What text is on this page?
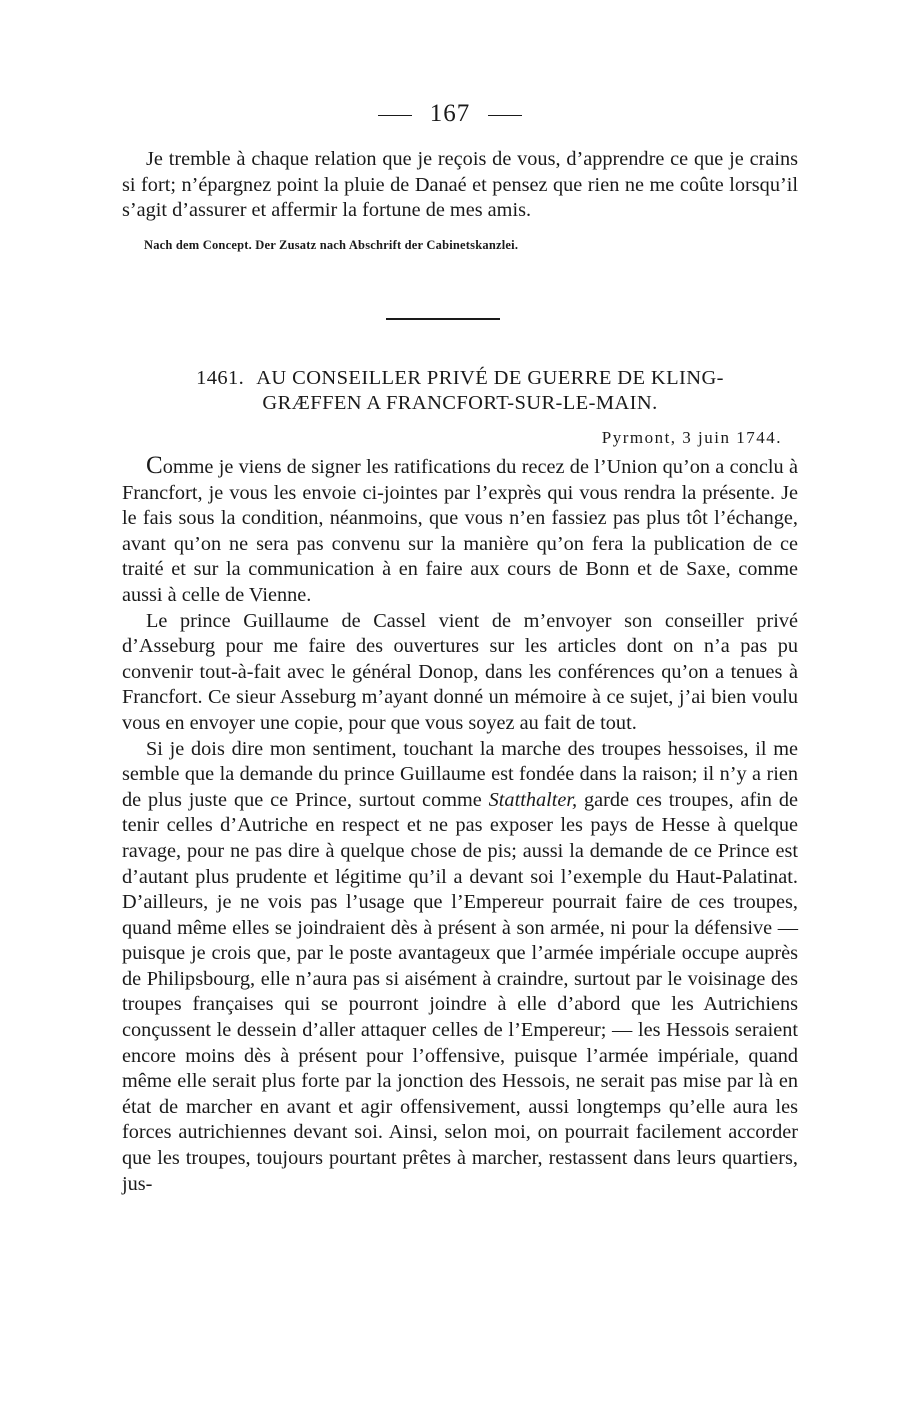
167

Je tremble à chaque relation que je reçois de vous, d’apprendre ce que je crains si fort; n’épargnez point la pluie de Danaé et pensez que rien ne me coûte lorsqu’il s’agit d’assurer et affermir la fortune de mes amis.

Nach dem Concept. Der Zusatz nach Abschrift der Cabinetskanzlei.

1461. AU CONSEILLER PRIVÉ DE GUERRE DE KLING-
GRÆFFEN A FRANCFORT-SUR-LE-MAIN.
Pyrmont, 3 juin 1744.

Comme je viens de signer les ratifications du recez de l’Union qu’on a conclu à Francfort, je vous les envoie ci-jointes par l’exprès qui vous rendra la présente. Je le fais sous la condition, néanmoins, que vous n’en fassiez pas plus tôt l’échange, avant qu’on ne sera pas convenu sur la manière qu’on fera la publication de ce traité et sur la communication à en faire aux cours de Bonn et de Saxe, comme aussi à celle de Vienne.

Le prince Guillaume de Cassel vient de m’envoyer son conseiller privé d’Asseburg pour me faire des ouvertures sur les articles dont on n’a pas pu convenir tout-à-fait avec le général Donop, dans les conférences qu’on a tenues à Francfort. Ce sieur Asseburg m’ayant donné un mémoire à ce sujet, j’ai bien voulu vous en envoyer une copie, pour que vous soyez au fait de tout.

Si je dois dire mon sentiment, touchant la marche des troupes hessoises, il me semble que la demande du prince Guillaume est fondée dans la raison; il n’y a rien de plus juste que ce Prince, surtout comme Statthalter, garde ces troupes, afin de tenir celles d’Autriche en respect et ne pas exposer les pays de Hesse à quelque ravage, pour ne pas dire à quelque chose de pis; aussi la demande de ce Prince est d’autant plus prudente et légitime qu’il a devant soi l’exemple du Haut-Palatinat. D’ailleurs, je ne vois pas l’usage que l’Empereur pourrait faire de ces troupes, quand même elles se joindraient dès à présent à son armée, ni pour la défensive — puisque je crois que, par le poste avantageux que l’armée impériale occupe auprès de Philipsbourg, elle n’aura pas si aisément à craindre, surtout par le voisinage des troupes françaises qui se pourront joindre à elle d’abord que les Autrichiens conçussent le dessein d’aller attaquer celles de l’Empereur; — les Hessois seraient encore moins dès à présent pour l’offensive, puisque l’armée impériale, quand même elle serait plus forte par la jonction des Hessois, ne serait pas mise par là en état de marcher en avant et agir offensivement, aussi longtemps qu’elle aura les forces autrichiennes devant soi. Ainsi, selon moi, on pourrait facilement accorder que les troupes, toujours pourtant prêtes à marcher, restassent dans leurs quartiers, jus-
